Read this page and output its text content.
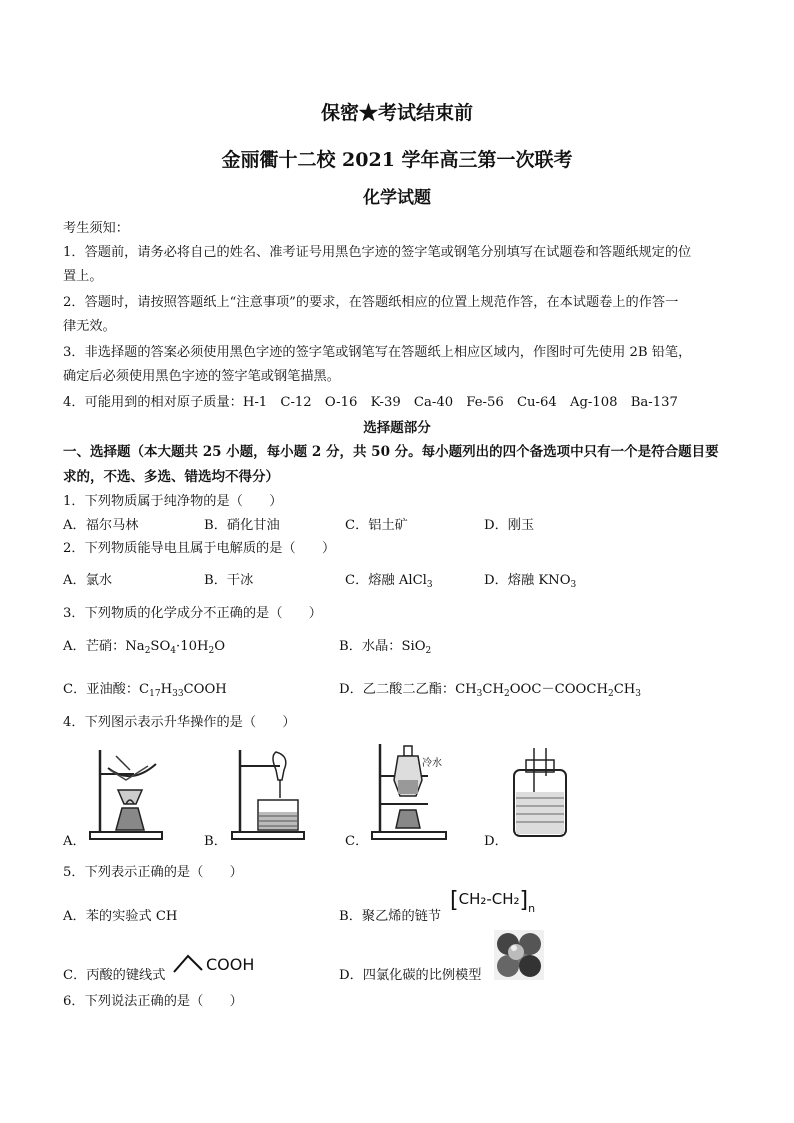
保密★考试结束前
金丽衢十二校 2021 学年高三第一次联考
化学试题
考生须知：
1．答题前，请务必将自己的姓名、准考证号用黑色字迹的签字笔或钢笔分别填写在试题卷和答题纸规定的位
置上。
2．答题时，请按照答题纸上“注意事项”的要求，在答题纸相应的位置上规范作答，在本试题卷上的作答一
律无效。
3．非选择题的答案必须使用黑色字迹的签字笔或钢笔写在答题纸上相应区域内，作图时可先使用 2B 铅笔，
确定后必须使用黑色字迹的签字笔或钢笔描黑。
4．可能用到的相对原子质量：H-1　C-12　O-16　K-39　Ca-40　Fe-56　Cu-64　Ag-108　Ba-137
选择题部分
一、选择题（本大题共 25 小题，每小题 2 分，共 50 分。每小题列出的四个备选项中只有一个是符合题目要
求的，不选、多选、错选均不得分）
1．下列物质属于纯净物的是（　　）
A．福尔马林	B．硝化甘油	C．铝土矿	D．刚玉
2．下列物质能导电且属于电解质的是（　　）
A．氯水	B．干冰	C．熔融 AlCl$_3$	D．熔融 $KNO_3$
3．下列物质的化学成分不正确的是（　　）
A．芒硝：$Na_2SO_4\cdot 10H_2O$	B．水晶：SiO$_2$
C．亚油酸：$C_{17}H_{33}COOH$	D．乙二酸二乙酯：$CH_3CH_2OOC-COOCH_2CH_3$
4．下列图示表示升华操作的是（　　）
A．	B．	C．
冷水
D．
5．下列表示正确的是（　　）
A．苯的实验式 CH	B．聚乙烯的链节
$[CH_2-CH_2]_n$
C．丙酸的键线式
COOH
D．四氯化碳的比例模型
6．下列说法正确的是（　　）
